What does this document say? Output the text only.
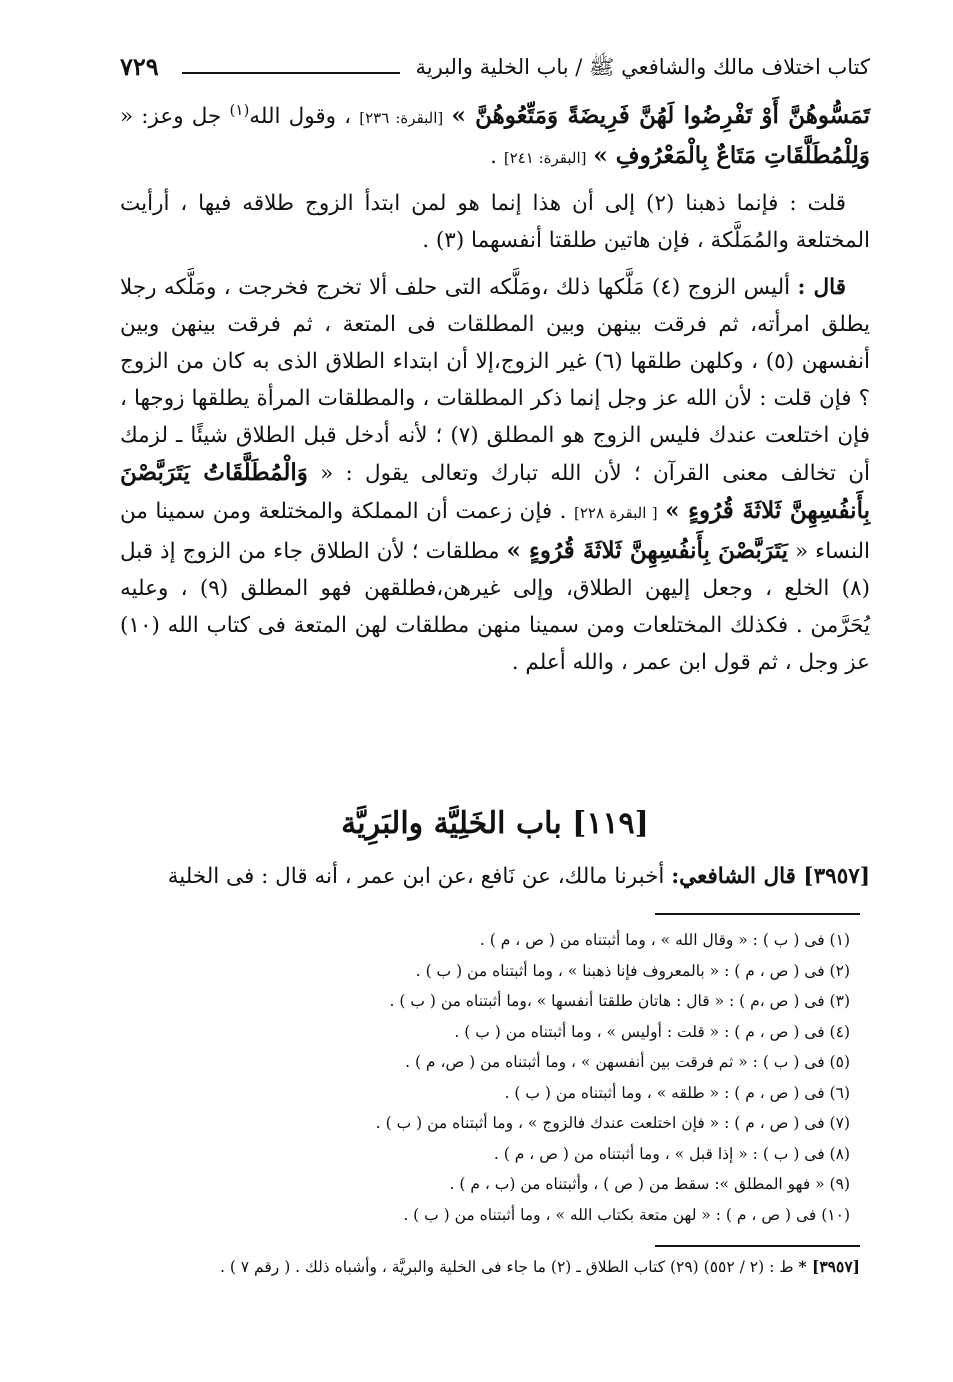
كتاب اختلاف مالك والشافعي ﷺ / باب الخلية والبرية
٧٢٩

تَمَسُّوهُنَّ أَوْ تَفْرِضُوا لَهُنَّ فَرِيضَةً وَمَتِّعُوهُنَّ » [البقرة: ٢٣٦] ، وقول الله$^{(١)}$ جل وعز: « وَلِلْمُطَلَّقَاتِ مَتَاعٌ بِالْمَعْرُوفِ » [البقرة: ٢٤١] .

قلت : فإنما ذهبنا (٢) إلى أن هذا إنما هو لمن ابتدأ الزوج طلاقه فيها ، أرأيت المختلعة والمُمَلَّكة ، فإن هاتين طلقتا أنفسهما (٣) .

قال : أليس الزوج (٤) مَلَّكها ذلك ،ومَلَّكه التى حلف ألا تخرج فخرجت ، ومَلَّكه رجلا يطلق امرأته، ثم فرقت بينهن وبين المطلقات فى المتعة ، ثم فرقت بينهن وبين أنفسهن (٥) ، وكلهن طلقها (٦) غير الزوج،إلا أن ابتداء الطلاق الذى به كان من الزوج ؟ فإن قلت : لأن الله عز وجل إنما ذكر المطلقات ، والمطلقات المرأة يطلقها زوجها ، فإن اختلعت عندك فليس الزوج هو المطلق (٧) ؛ لأنه أدخل قبل الطلاق شيئًا ـ لزمك أن تخالف معنى القرآن ؛ لأن الله تبارك وتعالى يقول : « وَالْمُطَلَّقَاتُ يَتَرَبَّصْنَ بِأَنفُسِهِنَّ ثَلاثَةَ قُرُوءٍ » [ البقرة ٢٢٨] . فإن زعمت أن المملكة والمختلعة ومن سمينا من النساء « يَتَرَبَّصْنَ بِأَنفُسِهِنَّ ثَلاثَةَ قُرُوءٍ » مطلقات ؛ لأن الطلاق جاء من الزوج إذ قبل (٨) الخلع ، وجعل إليهن الطلاق، وإلى غيرهن،فطلقهن فهو المطلق (٩) ، وعليه يُحَرَّمن . فكذلك المختلعات ومن سمينا منهن مطلقات لهن المتعة فى كتاب الله (١٠) عز وجل ، ثم قول ابن عمر ، والله أعلم .

[١١٩] باب الخَلِيَّة والبَرِيَّة
[٣٩٥٧] قال الشافعي: أخبرنا مالك، عن نَافع ،عن ابن عمر ، أنه قال : فى الخلية
(١) فى ( ب ) : « وقال الله » ، وما أثبتناه من ( ص ، م ) .
(٢) فى ( ص ، م ) : « بالمعروف فإنا ذهبنا » ، وما أثبتناه من ( ب ) .
(٣) فى ( ص ،م ) : « قال : هاتان طلقتا أنفسها » ،وما أثبتناه من ( ب ) .
(٤) فى ( ص ، م ) : « قلت : أوليس » ، وما أثبتناه من ( ب ) .
(٥) فى ( ب ) : « ثم فرقت بين أنفسهن » ، وما أثبتناه من ( ص، م ) .
(٦) فى ( ص ، م ) : « طلقه » ، وما أثبتناه من ( ب ) .
(٧) فى ( ص ، م ) : « فإن اختلعت عندك فالزوج » ، وما أثبتناه من ( ب ) .
(٨) فى ( ب ) : « إذا قبل » ، وما أثبتناه من ( ص ، م ) .
(٩) « فهو المطلق »: سقط من ( ص ) ، وأثبتناه من (ب ، م ) .
(١٠) فى ( ص ، م ) : « لهن متعة بكتاب الله » ، وما أثبتناه من ( ب ) .
[٣٩٥٧] * ط : (٢ / ٥٥٢) (٢٩) كتاب الطلاق ـ (٢) ما جاء فى الخلية والبريَّة ، وأشباه ذلك . ( رقم ٧ ) .
